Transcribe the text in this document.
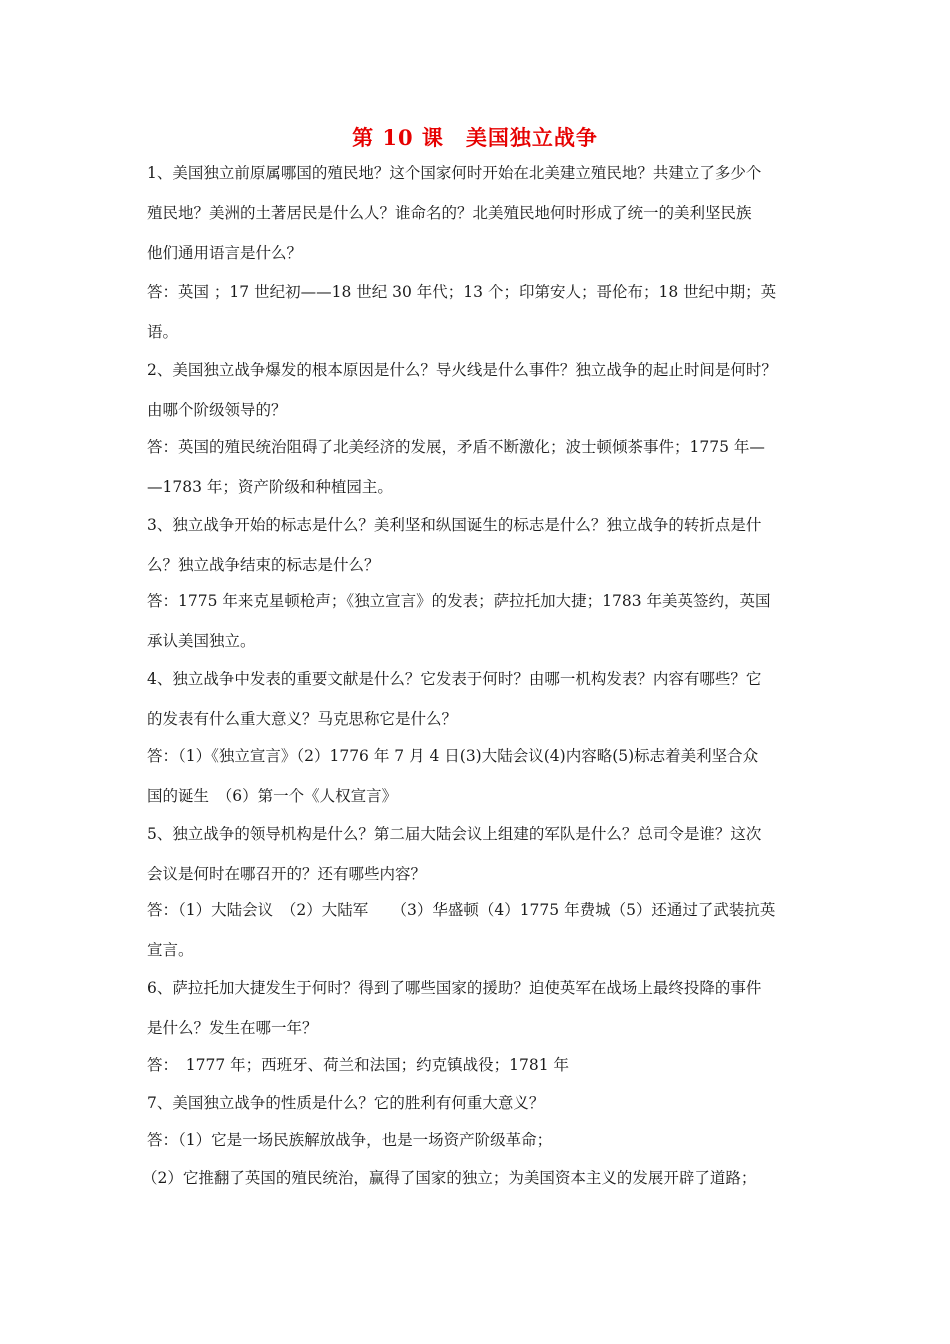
第 10 课　美国独立战争
1、美国独立前原属哪国的殖民地？这个国家何时开始在北美建立殖民地？共建立了多少个
殖民地？美洲的土著居民是什么人？谁命名的？北美殖民地何时形成了统一的美利坚民族
他们通用语言是什么？
答：英国 ；17 世纪初——18 世纪 30 年代；13 个；印第安人；哥伦布；18 世纪中期；英
语。
2、美国独立战争爆发的根本原因是什么？导火线是什么事件？独立战争的起止时间是何时？
由哪个阶级领导的？
答：英国的殖民统治阻碍了北美经济的发展，矛盾不断激化；波士顿倾茶事件；1775 年—
—1783 年；资产阶级和种植园主。
3、独立战争开始的标志是什么？美利坚和纵国诞生的标志是什么？独立战争的转折点是什
么？独立战争结束的标志是什么？
答：1775 年来克星顿枪声；《独立宣言》的发表；萨拉托加大捷；1783 年美英签约，英国
承认美国独立。
4、独立战争中发表的重要文献是什么？它发表于何时？由哪一机构发表？内容有哪些？它
的发表有什么重大意义？马克思称它是什么？
答：（1）《独立宣言》（2）1776 年 7 月 4 日(3)大陆会议(4)内容略(5)标志着美利坚合众
国的诞生　（6）第一个《人权宣言》
5、独立战争的领导机构是什么？第二届大陆会议上组建的军队是什么？总司令是谁？这次
会议是何时在哪召开的？还有哪些内容？
答：（1）大陆会议　（2）大陆军　　（3）华盛顿（4）1775 年费城（5）还通过了武装抗英
宣言。
6、萨拉托加大捷发生于何时？得到了哪些国家的援助？迫使英军在战场上最终投降的事件
是什么？发生在哪一年？
答：　1777 年；西班牙、荷兰和法国；约克镇战役；1781 年
7、美国独立战争的性质是什么？它的胜利有何重大意义？
答：（1）它是一场民族解放战争，也是一场资产阶级革命；
（2）它推翻了英国的殖民统治，赢得了国家的独立；为美国资本主义的发展开辟了道路；
